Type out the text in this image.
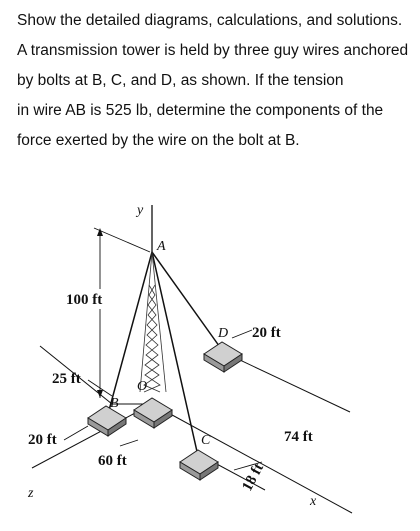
Show the detailed diagrams, calculations, and solutions.

A transmission tower is held by three guy wires anchored

by bolts at B, C, and D, as shown. If the tension

in wire AB is 525 lb, determine the components of the

force exerted by the wire on the bolt at B.

y
100 ft
O
B
C
D
A
20 ft
25 ft
20 ft
60 ft
74 ft
18 ft
x
z
